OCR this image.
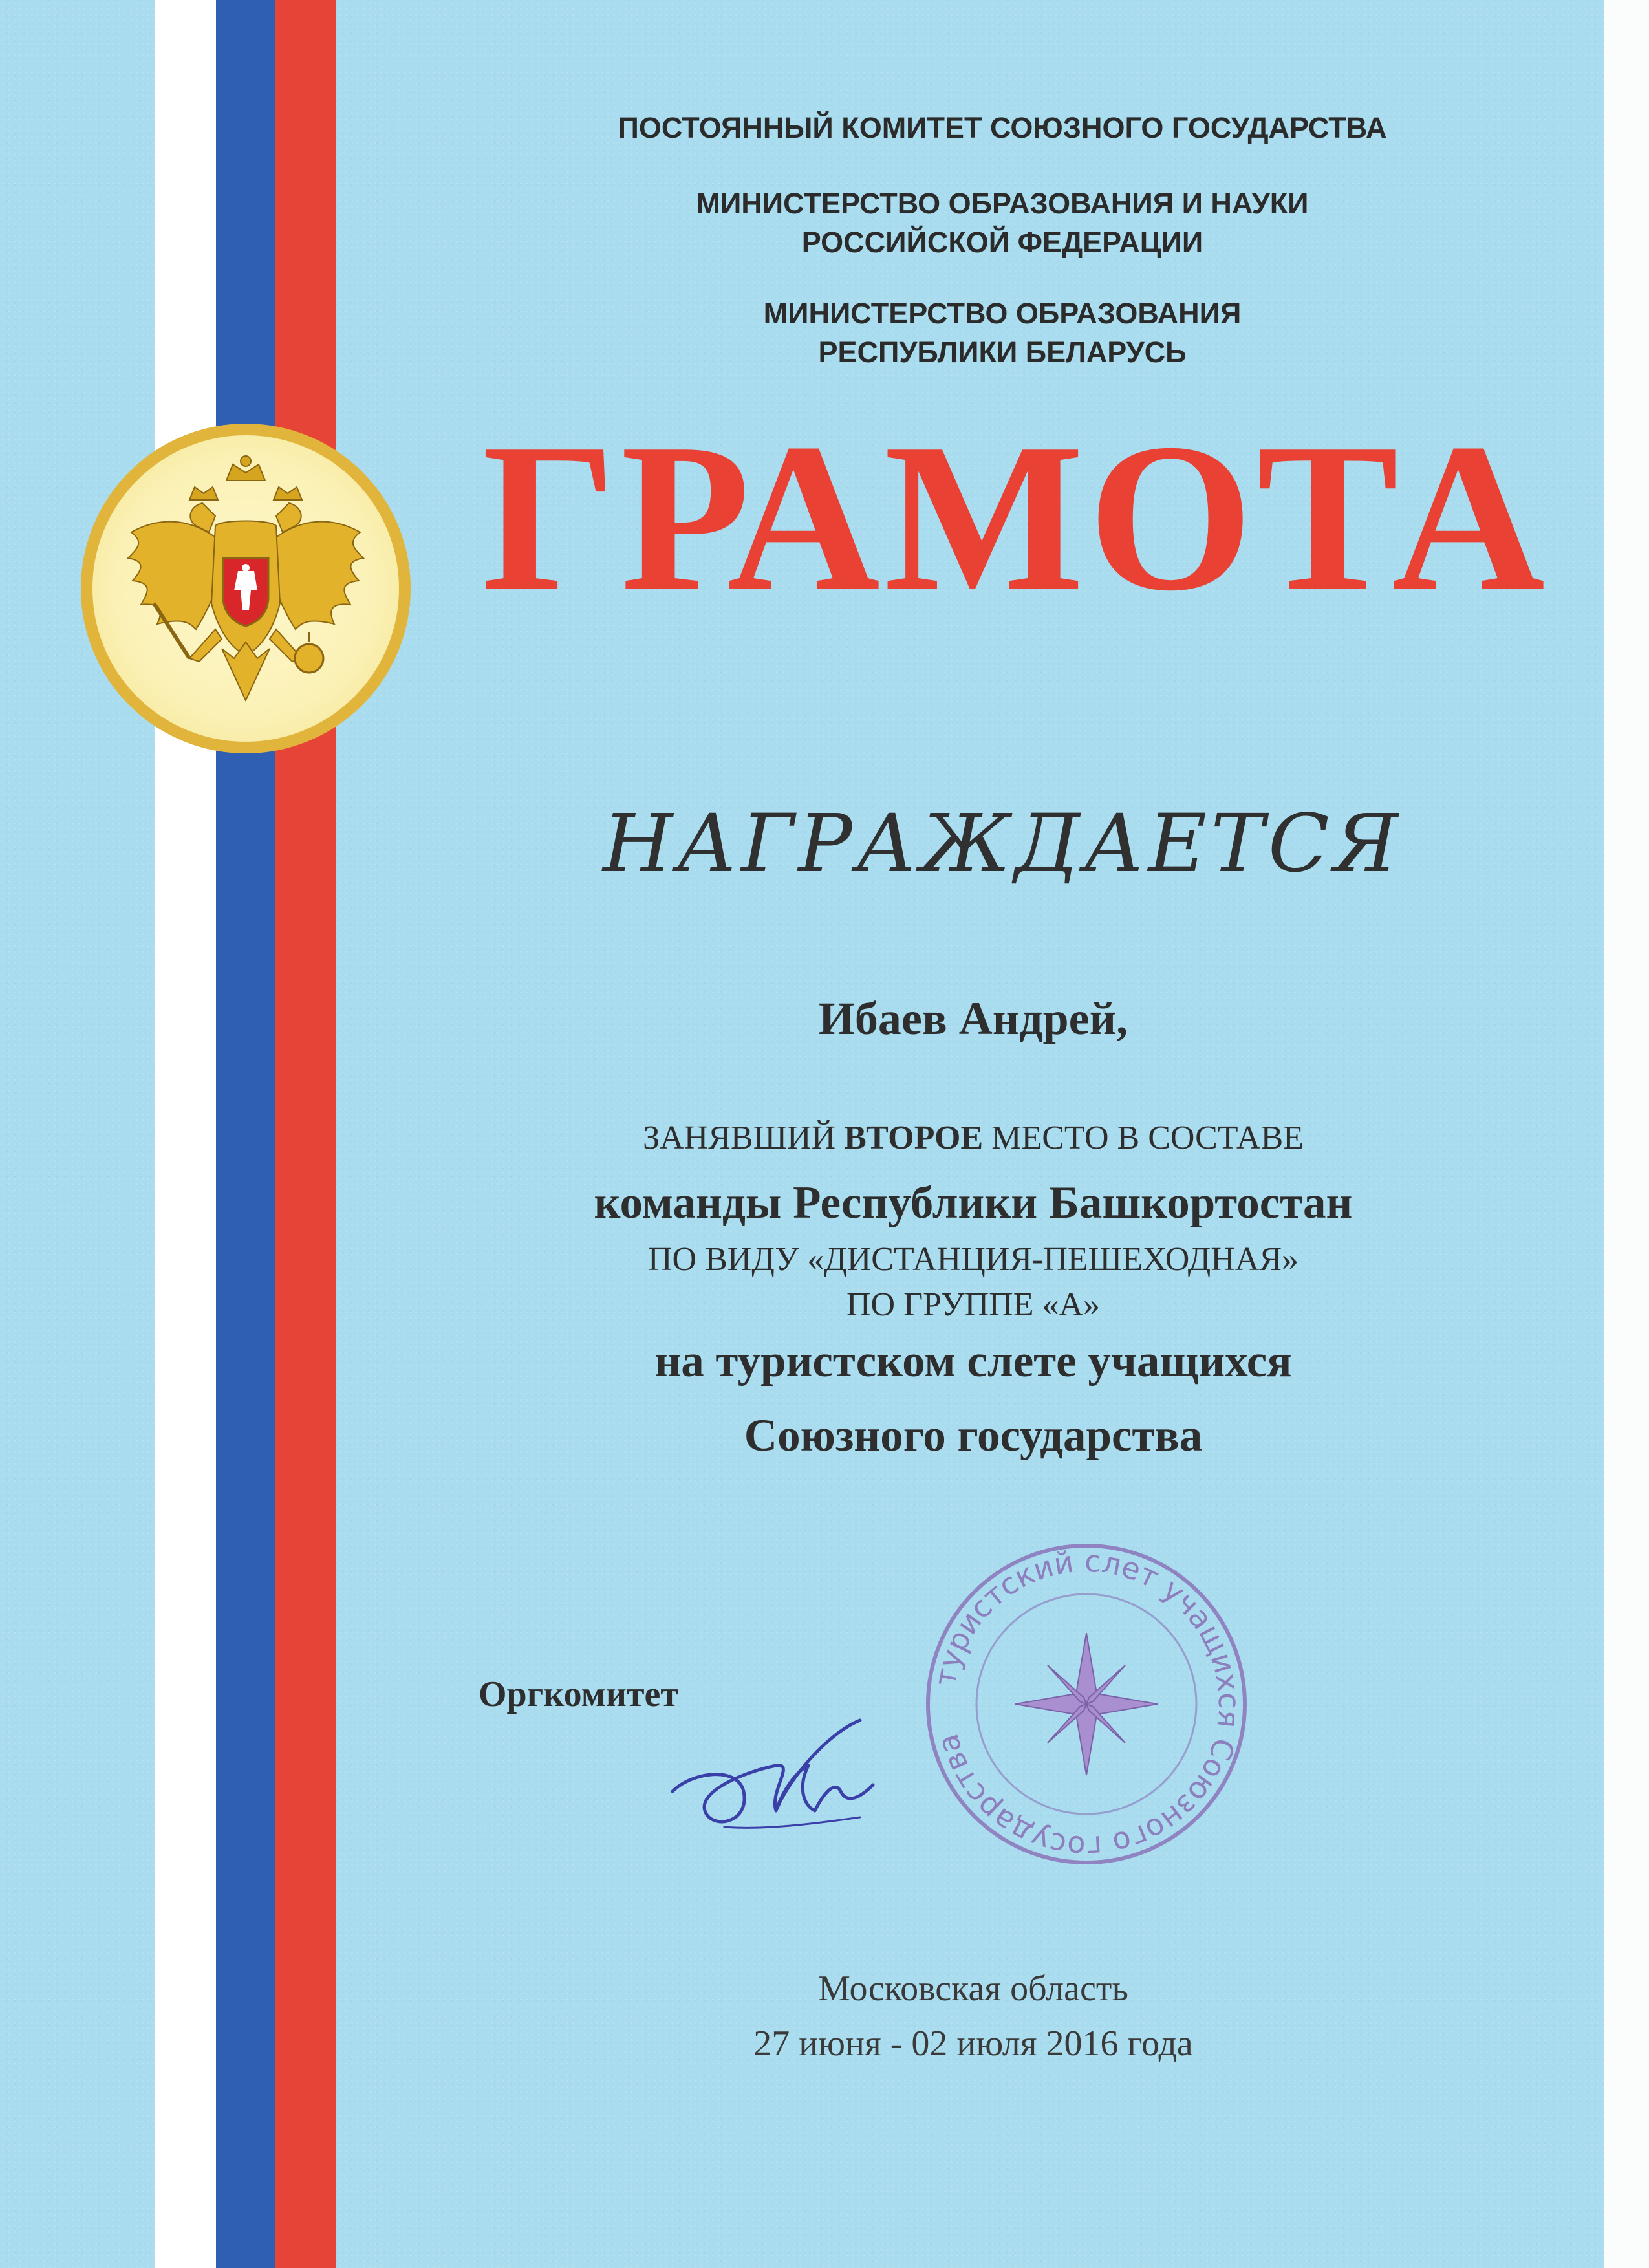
ПОСТОЯННЫЙ КОМИТЕТ СОЮЗНОГО ГОСУДАРСТВА

МИНИСТЕРСТВО ОБРАЗОВАНИЯ И НАУКИ
РОССИЙСКОЙ ФЕДЕРАЦИИ
МИНИСТЕРСТВО ОБРАЗОВАНИЯ
РЕСПУБЛИКИ БЕЛАРУСЬ
ГРАМОТА

НАГРАЖДАЕТСЯ

Ибаев Андрей,

ЗАНЯВШИЙ ВТОРОЕ МЕСТО В СОСТАВЕ

команды Республики Башкортостан

ПО ВИДУ «ДИСТАНЦИЯ-ПЕШЕХОДНАЯ»

ПО ГРУППЕ «А»

на туристском слете учащихся

Союзного государства

Оргкомитет	туристский слет учащихся Союзного государства

Московская область

27 июня - 02 июля 2016 года
